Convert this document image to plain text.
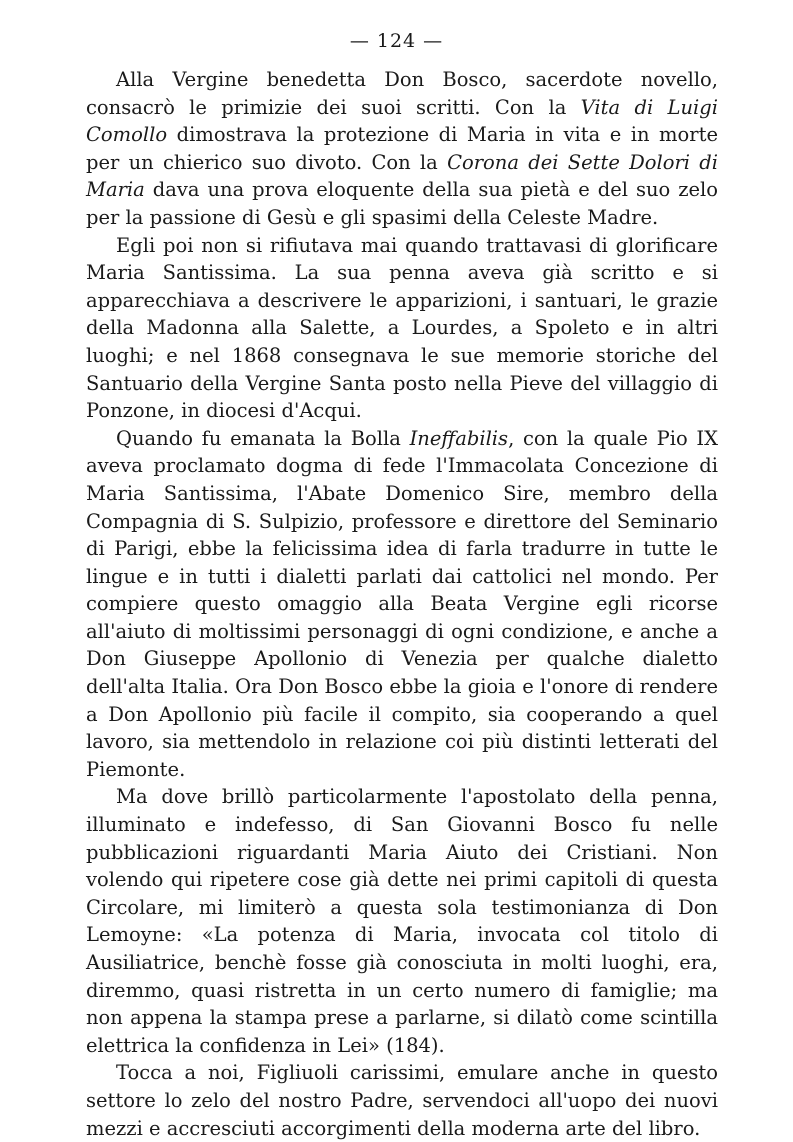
— 124 —

Alla Vergine benedetta Don Bosco, sacerdote novello, consacrò le primizie dei suoi scritti. Con la Vita di Luigi Comollo dimostrava la protezione di Maria in vita e in morte per un chierico suo divoto. Con la Corona dei Sette Dolori di Maria dava una prova eloquente della sua pietà e del suo zelo per la passione di Gesù e gli spasimi della Celeste Madre.

Egli poi non si rifiutava mai quando trattavasi di glorificare Maria Santissima. La sua penna aveva già scritto e si apparecchiava a descrivere le apparizioni, i santuari, le grazie della Madonna alla Salette, a Lourdes, a Spoleto e in altri luoghi; e nel 1868 consegnava le sue memorie storiche del Santuario della Vergine Santa posto nella Pieve del villaggio di Ponzone, in diocesi d'Acqui.

Quando fu emanata la Bolla Ineffabilis, con la quale Pio IX aveva proclamato dogma di fede l'Immacolata Concezione di Maria Santissima, l'Abate Domenico Sire, membro della Compagnia di S. Sulpizio, professore e direttore del Seminario di Parigi, ebbe la felicissima idea di farla tradurre in tutte le lingue e in tutti i dialetti parlati dai cattolici nel mondo. Per compiere questo omaggio alla Beata Vergine egli ricorse all'aiuto di moltissimi personaggi di ogni condizione, e anche a Don Giuseppe Apollonio di Venezia per qualche dialetto dell'alta Italia. Ora Don Bosco ebbe la gioia e l'onore di rendere a Don Apollonio più facile il compito, sia cooperando a quel lavoro, sia mettendolo in relazione coi più distinti letterati del Piemonte.

Ma dove brillò particolarmente l'apostolato della penna, illuminato e indefesso, di San Giovanni Bosco fu nelle pubblicazioni riguardanti Maria Aiuto dei Cristiani. Non volendo qui ripetere cose già dette nei primi capitoli di questa Circolare, mi limiterò a questa sola testimonianza di Don Lemoyne: «La potenza di Maria, invocata col titolo di Ausiliatrice, benchè fosse già conosciuta in molti luoghi, era, diremmo, quasi ristretta in un certo numero di famiglie; ma non appena la stampa prese a parlarne, si dilatò come scintilla elettrica la confidenza in Lei» (184).

Tocca a noi, Figliuoli carissimi, emulare anche in questo settore lo zelo del nostro Padre, servendoci all'uopo dei nuovi mezzi e accresciuti accorgimenti della moderna arte del libro.
